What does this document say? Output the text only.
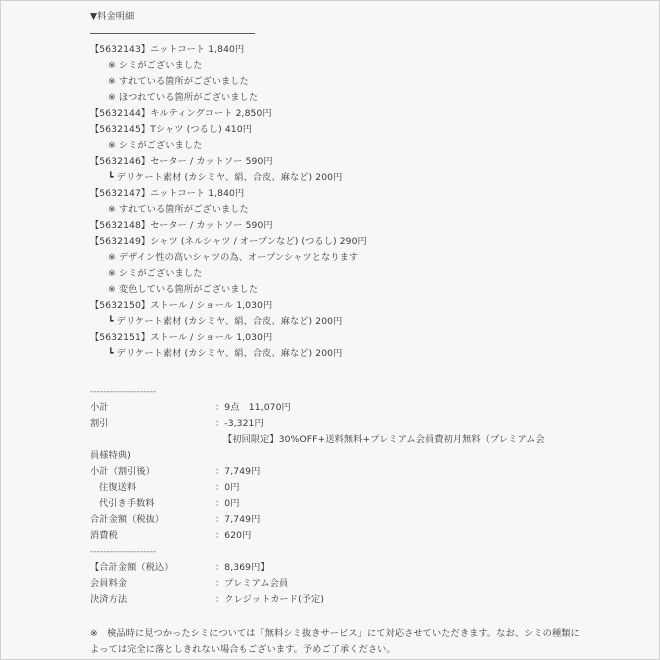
▼料金明細
【5632143】ニットコート 1,840円
※ シミがございました
※ すれている箇所がございました
※ ほつれている箇所がございました
【5632144】キルティングコート 2,850円
【5632145】Tシャツ (つるし) 410円
※ シミがございました
【5632146】セーター / カットソー 590円
┗ デリケート素材 (カシミヤ、絹、合皮、麻など) 200円
【5632147】ニットコート 1,840円
※ すれている箇所がございました
【5632148】セーター / カットソー 590円
【5632149】シャツ (ネルシャツ / オープンなど) (つるし) 290円
※ デザイン性の高いシャツの為、オープンシャツとなります
※ シミがございました
※ 変色している箇所がございました
【5632150】ストール / ショール 1,030円
┗ デリケート素材 (カシミヤ、絹、合皮、麻など) 200円
【5632151】ストール / ショール 1,030円
┗ デリケート素材 (カシミヤ、絹、合皮、麻など) 200円
--------------------
小計	：9点　11,070円
割引	：-3,321円
【初回限定】30%OFF+送料無料+プレミアム会員費初月無料（プレミアム会
員様特典)
小計（割引後）	：7,749円
往復送料	：0円
代引き手数料	：0円
合計金額（税抜）	：7,749円
消費税	：620円
--------------------
【合計金額（税込）	：8,369円】
会員料金	：プレミアム会員
決済方法	：クレジットカード(予定)
※　検品時に見つかったシミについては「無料シミ抜きサービス」にて対応させていただきます。なお、シミの種類によっては完全に落としきれない場合もございます。予めご了承ください。
